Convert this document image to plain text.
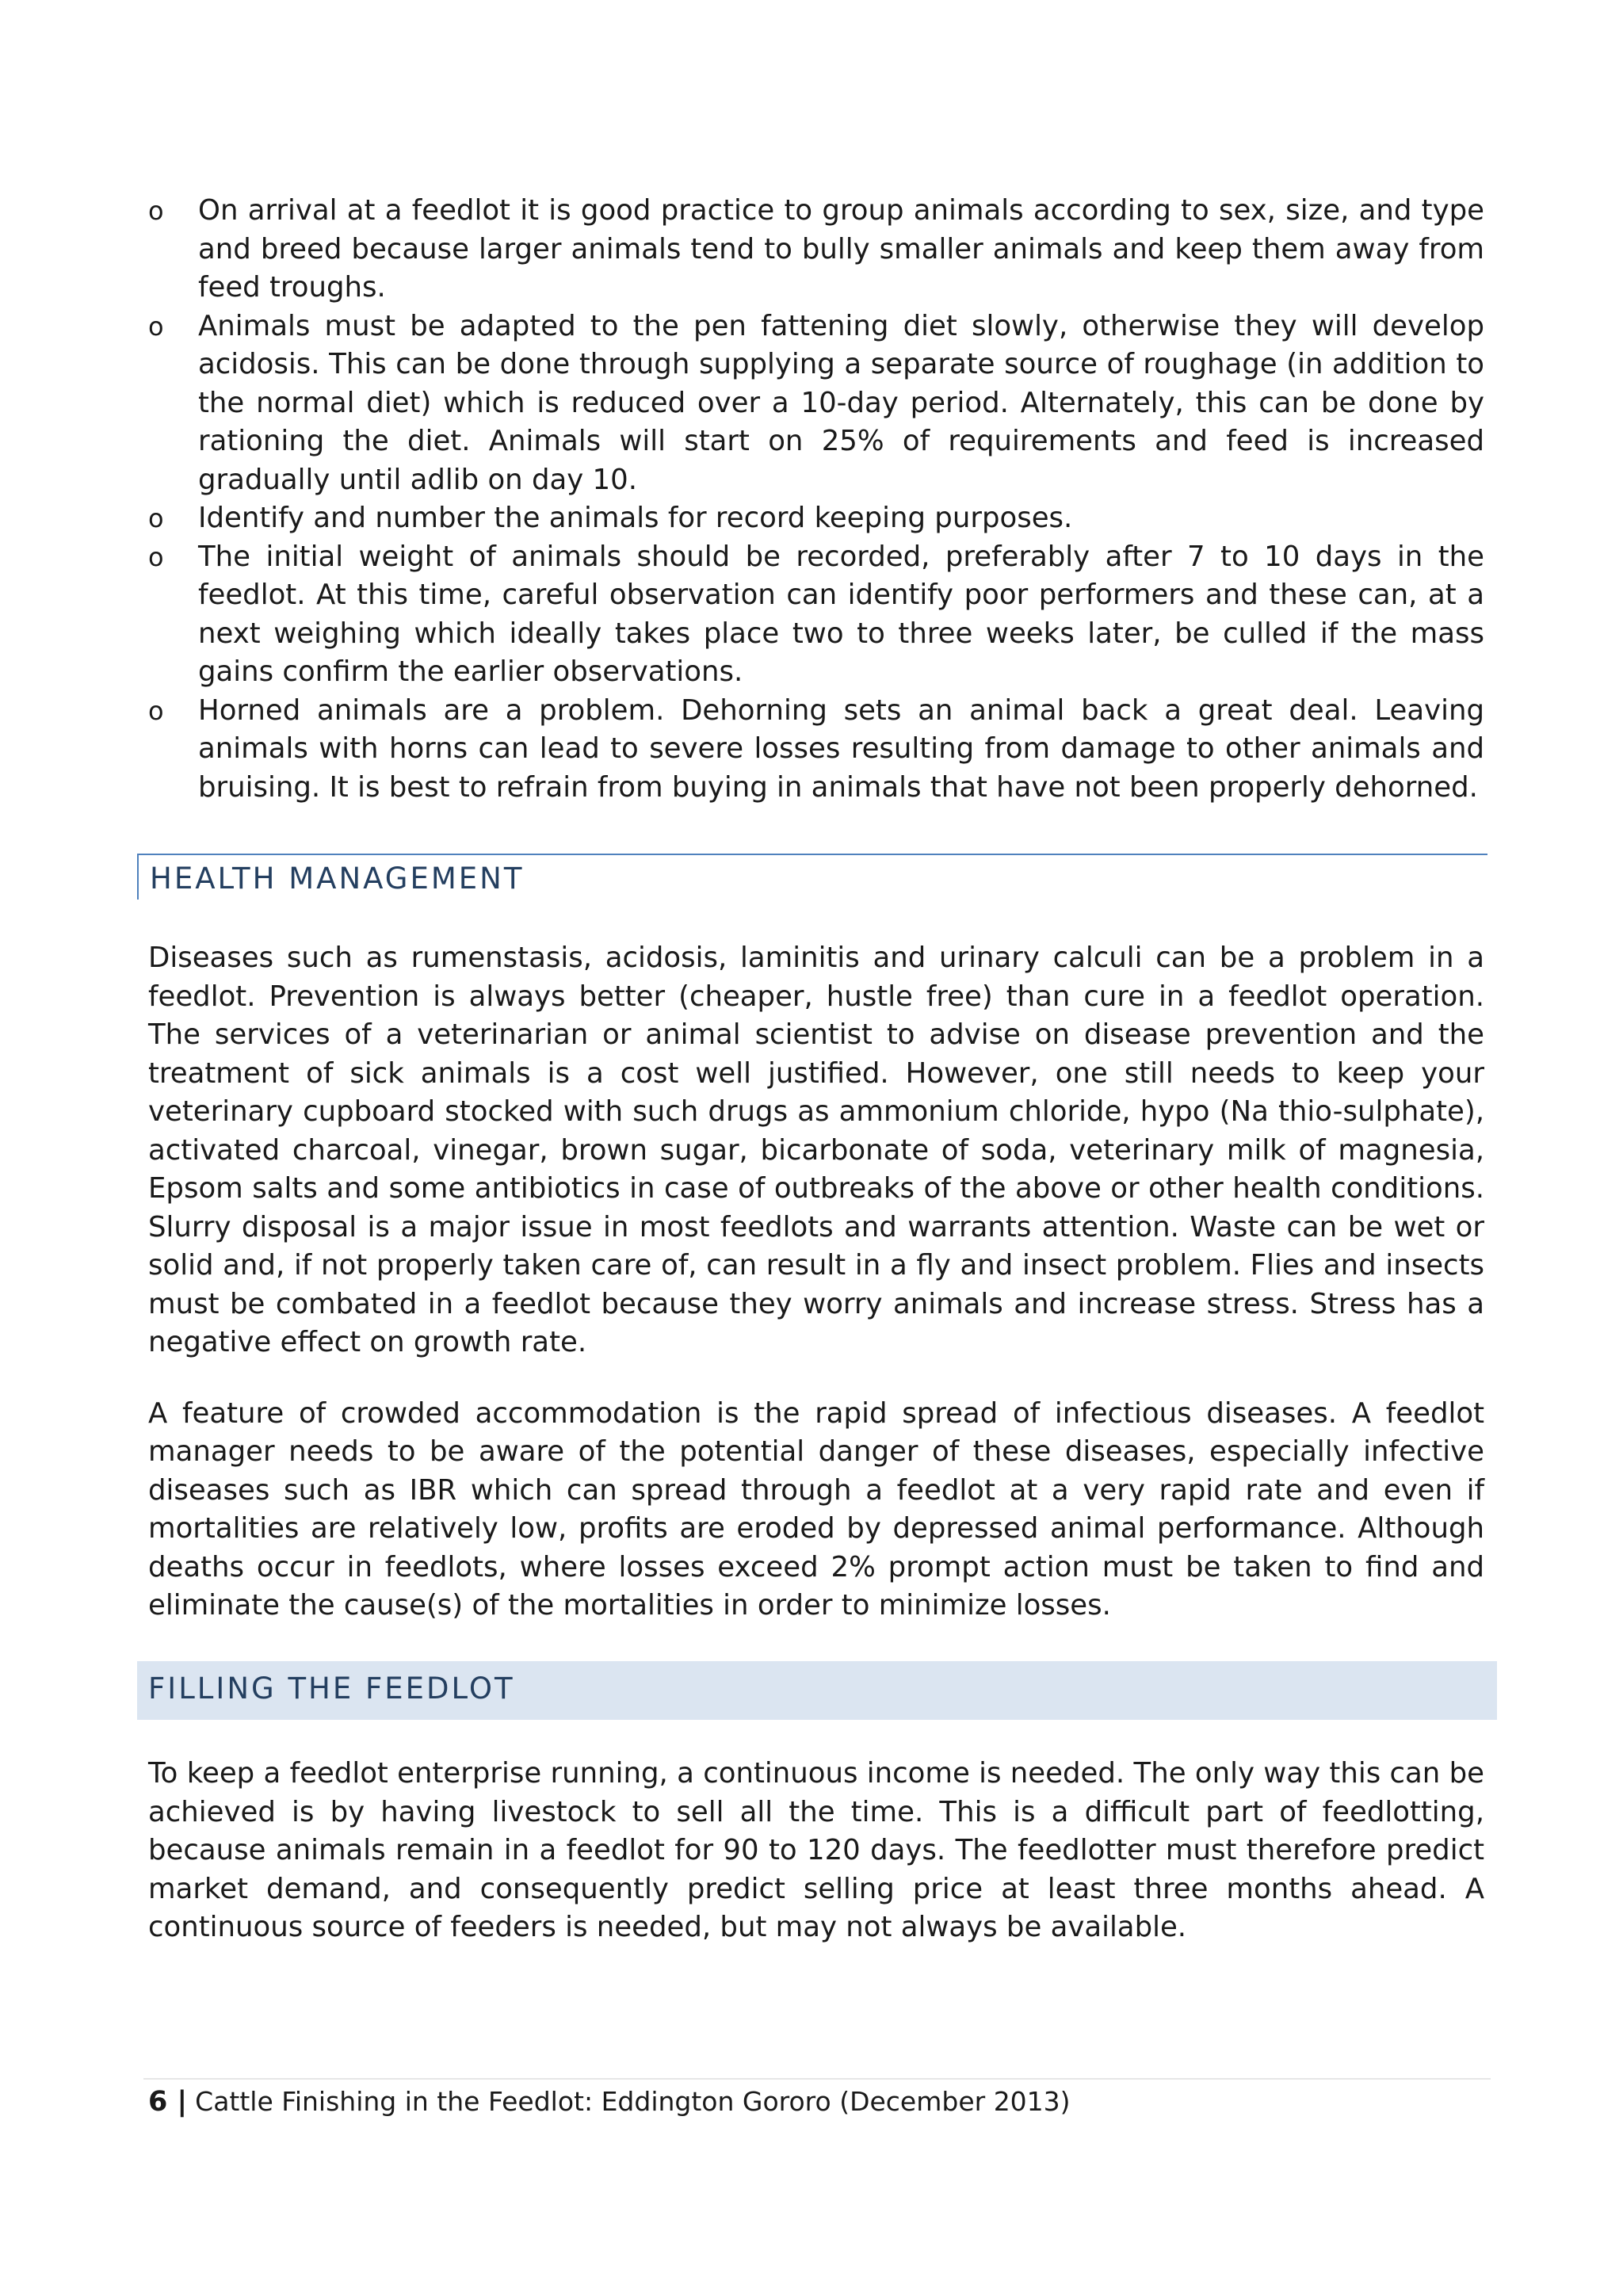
o On arrival at a feedlot it is good practice to group animals according to sex, size, and type and breed because larger animals tend to bully smaller animals and keep them away from feed troughs.
o Animals must be adapted to the pen fattening diet slowly, otherwise they will develop acidosis. This can be done through supplying a separate source of roughage (in addition to the normal diet) which is reduced over a 10-day period. Alternately, this can be done by rationing the diet. Animals will start on 25% of requirements and feed is increased gradually until adlib on day 10.
o Identify and number the animals for record keeping purposes.
o The initial weight of animals should be recorded, preferably after 7 to 10 days in the feedlot. At this time, careful observation can identify poor performers and these can, at a next weighing which ideally takes place two to three weeks later, be culled if the mass gains confirm the earlier observations.
o Horned animals are a problem. Dehorning sets an animal back a great deal. Leaving animals with horns can lead to severe losses resulting from damage to other animals and bruising. It is best to refrain from buying in animals that have not been properly dehorned.
HEALTH MANAGEMENT

Diseases such as rumenstasis, acidosis, laminitis and urinary calculi can be a problem in a feedlot. Prevention is always better (cheaper, hustle free) than cure in a feedlot operation. The services of a veterinarian or animal scientist to advise on disease prevention and the treatment of sick animals is a cost well justified. However, one still needs to keep your veterinary cupboard stocked with such drugs as ammonium chloride, hypo (Na thio-sulphate), activated charcoal, vinegar, brown sugar, bicarbonate of soda, veterinary milk of magnesia, Epsom salts and some antibiotics in case of outbreaks of the above or other health conditions. Slurry disposal is a major issue in most feedlots and warrants attention. Waste can be wet or solid and, if not properly taken care of, can result in a fly and insect problem. Flies and insects must be combated in a feedlot because they worry animals and increase stress. Stress has a negative effect on growth rate.

A feature of crowded accommodation is the rapid spread of infectious diseases. A feedlot manager needs to be aware of the potential danger of these diseases, especially infective diseases such as IBR which can spread through a feedlot at a very rapid rate and even if mortalities are relatively low, profits are eroded by depressed animal performance. Although deaths occur in feedlots, where losses exceed 2% prompt action must be taken to find and eliminate the cause(s) of the mortalities in order to minimize losses.

FILLING THE FEEDLOT

To keep a feedlot enterprise running, a continuous income is needed. The only way this can be achieved is by having livestock to sell all the time. This is a difficult part of feedlotting, because animals remain in a feedlot for 90 to 120 days. The feedlotter must therefore predict market demand, and consequently predict selling price at least three months ahead. A continuous source of feeders is needed, but may not always be available.

6 | Cattle Finishing in the Feedlot: Eddington Gororo (December 2013)
